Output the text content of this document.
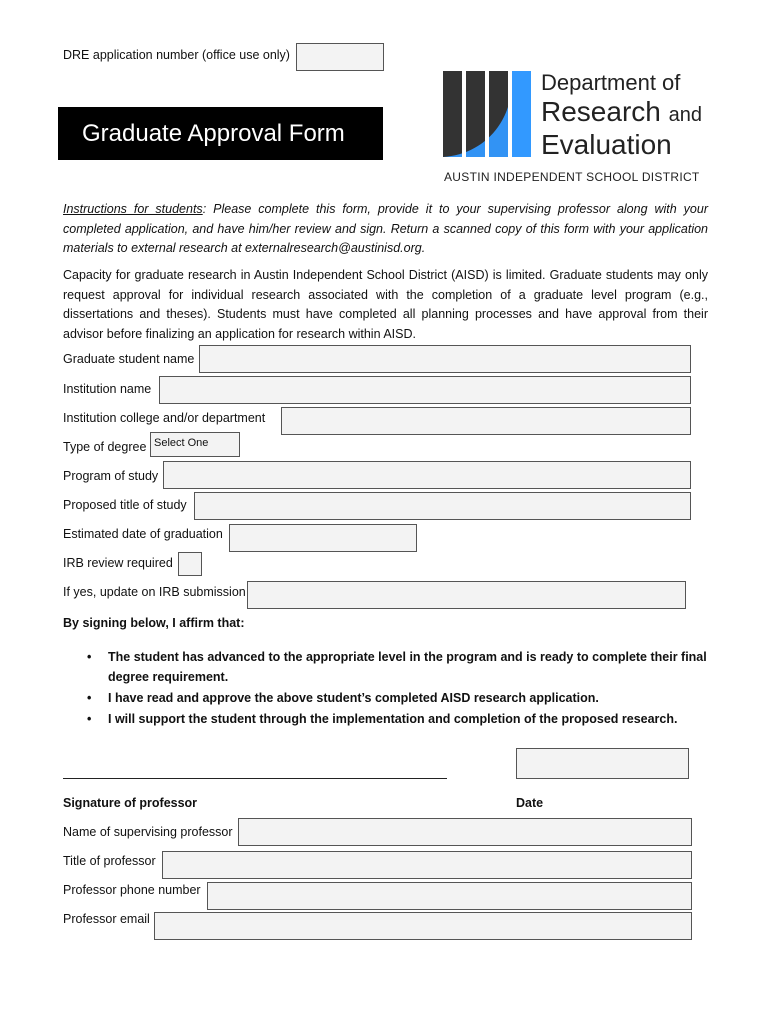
DRE application number (office use only)
Graduate Approval Form
Department of
Research and
Evaluation
AUSTIN INDEPENDENT SCHOOL DISTRICT
Instructions for students: Please complete this form, provide it to your supervising professor along with your completed application, and have him/her review and sign. Return a scanned copy of this form with your application materials to external research at externalresearch@austinisd.org.
Capacity for graduate research in Austin Independent School District (AISD) is limited. Graduate students may only request approval for individual research associated with the completion of a graduate level program (e.g., dissertations and theses). Students must have completed all planning processes and have approval from their advisor before finalizing an application for research within AISD.
Graduate student name
Institution name
Institution college and/or department
Type of degree Select One
Program of study
Proposed title of study
Estimated date of graduation
IRB review required
If yes, update on IRB submission
By signing below, I affirm that:
• The student has advanced to the appropriate level in the program and is ready to complete their final degree requirement.
• I have read and approve the above student’s completed AISD research application.
• I will support the student through the implementation and completion of the proposed research.
Signature of professor	Date
Name of supervising professor
Title of professor
Professor phone number
Professor email
